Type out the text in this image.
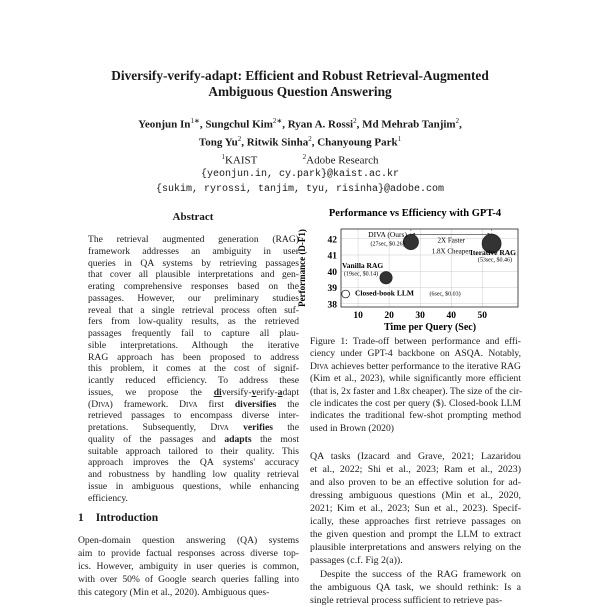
Diversify-verify-adapt: Efficient and Robust Retrieval-Augmented
Ambiguous Question Answering
Yeonjun $In^{1∗}$, Sungchul Kim$^{2∗}$, Ryan A. Rossi$^2$, Md Mehrab Tanjim$^2$,
Tong Yu$^2$, Ritwik Sinha$^2$, Chanyoung Park$^1$
$^1$KAIST	$^2$Adobe Research
{yeonjun.in, cy.park}@kaist.ac.kr
{sukim, ryrossi, tanjim, tyu, risinha}@adobe.com
Abstract
The retrieval augmented generation (RAG)
framework addresses an ambiguity in user
queries in QA systems by retrieving passages
that cover all plausible interpretations and gen-
erating comprehensive responses based on the
passages. However, our preliminary studies
reveal that a single retrieval process often suf-
fers from low-quality results, as the retrieved
passages frequently fail to capture all plau-
sible interpretations. Although the iterative
RAG approach has been proposed to address
this problem, it comes at the cost of signif-
icantly reduced efficiency. To address these
issues, we propose the diversify-verify-adapt
(Diva) framework. Diva first diversifies the
retrieved passages to encompass diverse inter-
pretations. Subsequently, Diva verifies the
quality of the passages and adapts the most
suitable approach tailored to their quality. This
approach improves the QA systems' accuracy
and robustness by handling low quality retrieval
issue in ambiguous questions, while enhancing
efficiency.
1 Introduction
Open-domain question answering (QA) systems
aim to provide factual responses across diverse top-
ics. However, ambiguity in user queries is common,
with over 50% of Google search queries falling into
this category (Min et al., 2020). Ambiguous ques-
Performance vs Efficiency with GPT-4
10 20 30 40 50
38
39
40
41
42	2X Faster
1.8X Cheaper
DIVA (Ours)
(27sec, $0.26)
Iterative RAG
(53sec, $0.46)
Vanilla RAG
(19sec, $0.14)
Closed-book LLM	(6sec, $0.03)
Time per Query (Sec)
Performance (D-F1)
Figure 1: Trade-off between performance and effi-
ciency under GPT-4 backbone on ASQA. Notably,
Diva achieves better performance to the iterative RAG
(Kim et al., 2023), while significantly more efficient
(that is, 2x faster and 1.8x cheaper). The size of the cir-
cle indicates the cost per query ($). Closed-book LLM
indicates the traditional few-shot prompting method
used in Brown (2020)
QA tasks (Izacard and Grave, 2021; Lazaridou
et al., 2022; Shi et al., 2023; Ram et al., 2023)
and also proven to be an effective solution for ad-
dressing ambiguous questions (Min et al., 2020,
2021; Kim et al., 2023; Sun et al., 2023). Specif-
ically, these approaches first retrieve passages on
the given question and prompt the LLM to extract
plausible interpretations and answers relying on the
passages (c.f. Fig 2(a)).
Despite the success of the RAG framework on
the ambiguous QA task, we should rethink: Is a
single retrieval process sufficient to retrieve pas-
